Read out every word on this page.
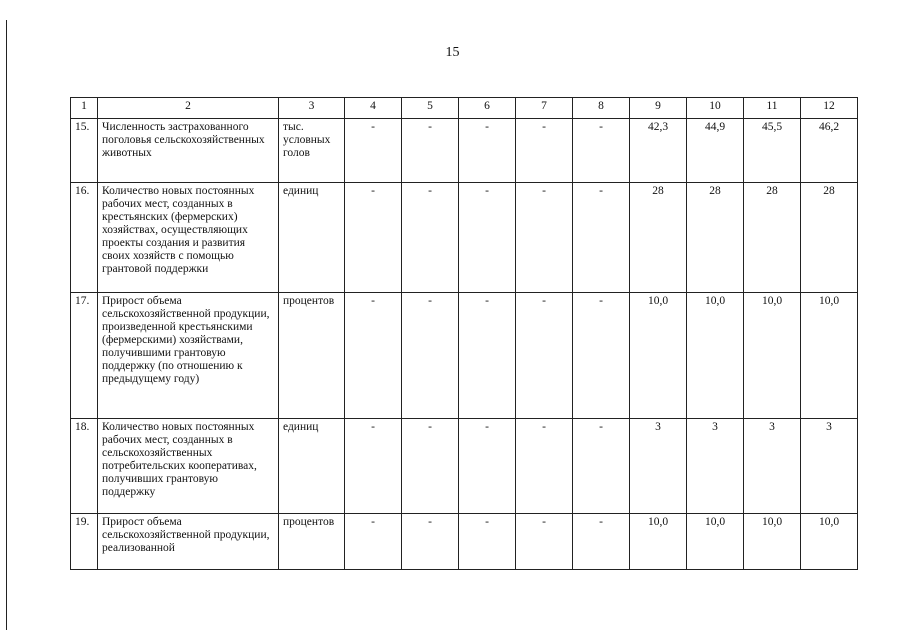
15
1	2	3	4	5	6	7	8	9	10	11	12
15.	Численность застрахованного поголовья сельскохозяйственных животных	тыс. условных голов	-	-	-	-	-	42,3	44,9	45,5	46,2
16.	Количество новых постоянных рабочих мест, созданных в крестьянских (фермерских) хозяйствах, осуществляющих проекты создания и развития своих хозяйств с помощью грантовой поддержки	единиц	-	-	-	-	-	28	28	28	28
17.	Прирост объема сельскохозяйственной продукции, произведенной крестьянскими (фермерскими) хозяйствами, получившими грантовую поддержку (по отношению к предыдущему году)	процентов	-	-	-	-	-	10,0	10,0	10,0	10,0
18.	Количество новых постоянных рабочих мест, созданных в сельскохозяйственных потребительских кооперативах, получивших грантовую поддержку	единиц	-	-	-	-	-	3	3	3	3
19.	Прирост объема сельскохозяйственной продукции, реализованной	процентов	-	-	-	-	-	10,0	10,0	10,0	10,0
